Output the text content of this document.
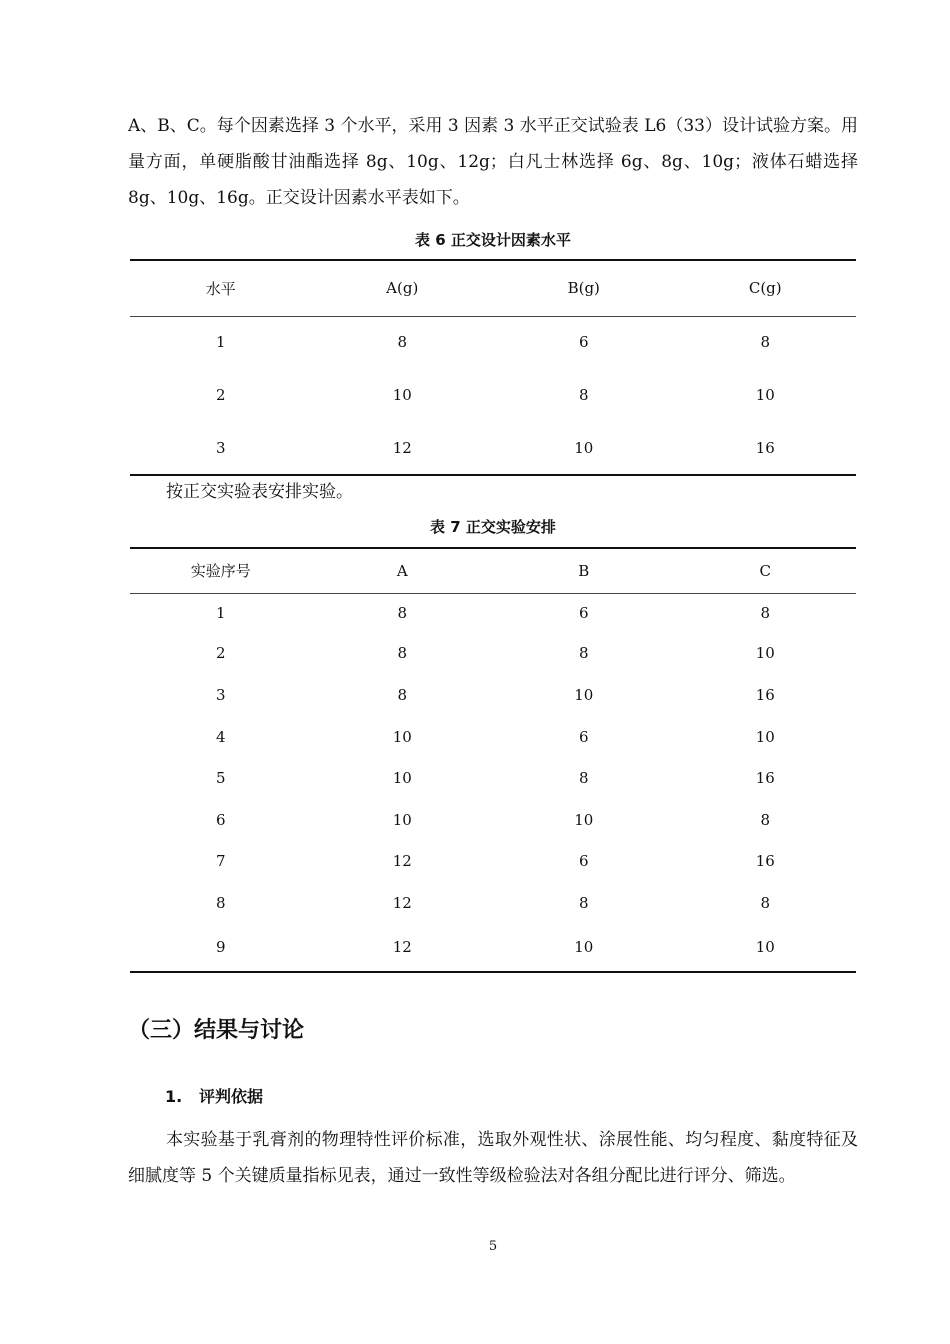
A、B、C。每个因素选择 3 个水平，采用 3 因素 3 水平正交试验表 L6（33）设计试验方案。用量方面，单硬脂酸甘油酯选择 8g、10g、12g；白凡士林选择 6g、8g、10g；液体石蜡选择 8g、10g、16g。正交设计因素水平表如下。

表 6 正交设计因素水平
水平	A(g)	B(g)	C(g)
1	8	6	8
2	10	8	10
3	12	10	16

按正交实验表安排实验。

表 7 正交实验安排
实验序号	A	B	C
1	8	6	8
2	8	8	10
3	8	10	16
4	10	6	10
5	10	8	16
6	10	10	8
7	12	6	16
8	12	8	8
9	12	10	10
（三）结果与讨论
1. 评判依据

本实验基于乳膏剂的物理特性评价标准，选取外观性状、涂展性能、均匀程度、黏度特征及细腻度等 5 个关键质量指标见表，通过一致性等级检验法对各组分配比进行评分、筛选。

5
